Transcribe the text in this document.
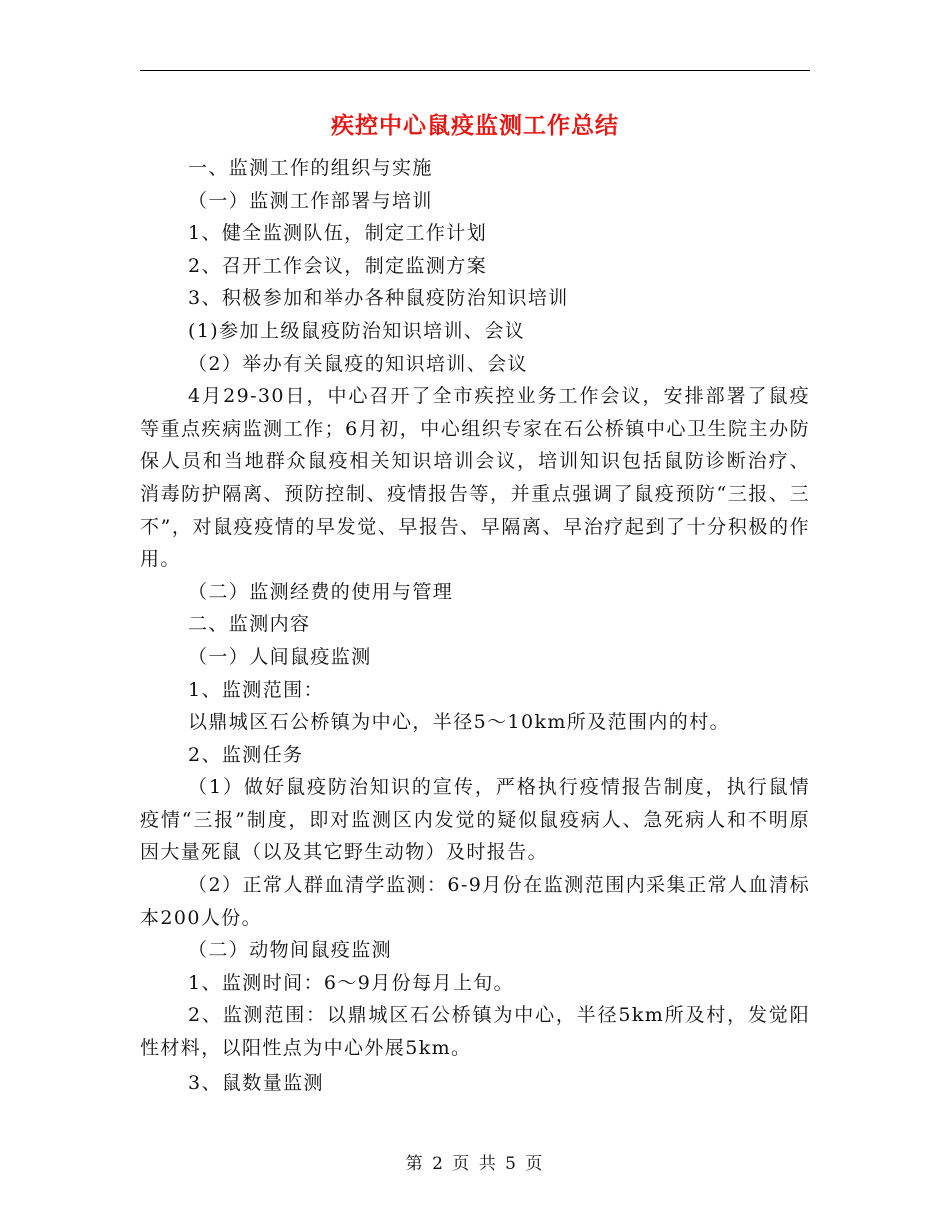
疾控中心鼠疫监测工作总结

一、监测工作的组织与实施

（一）监测工作部署与培训

1、健全监测队伍，制定工作计划

2、召开工作会议，制定监测方案

3、积极参加和举办各种鼠疫防治知识培训

(1)参加上级鼠疫防治知识培训、会议

（2）举办有关鼠疫的知识培训、会议

4月29-30日，中心召开了全市疾控业务工作会议，安排部署了鼠疫等重点疾病监测工作；6月初，中心组织专家在石公桥镇中心卫生院主办防保人员和当地群众鼠疫相关知识培训会议，培训知识包括鼠防诊断治疗、消毒防护隔离、预防控制、疫情报告等，并重点强调了鼠疫预防“三报、三不”，对鼠疫疫情的早发觉、早报告、早隔离、早治疗起到了十分积极的作用。

（二）监测经费的使用与管理

二、监测内容

（一）人间鼠疫监测

1、监测范围：

以鼎城区石公桥镇为中心，半径5～10km所及范围内的村。

2、监测任务

（1）做好鼠疫防治知识的宣传，严格执行疫情报告制度，执行鼠情疫情“三报”制度，即对监测区内发觉的疑似鼠疫病人、急死病人和不明原因大量死鼠（以及其它野生动物）及时报告。

（2）正常人群血清学监测：6-9月份在监测范围内采集正常人血清标本200人份。

（二）动物间鼠疫监测

1、监测时间：6～9月份每月上旬。

2、监测范围：以鼎城区石公桥镇为中心，半径5km所及村，发觉阳性材料，以阳性点为中心外展5km。

3、鼠数量监测

第 2 页 共 5 页
